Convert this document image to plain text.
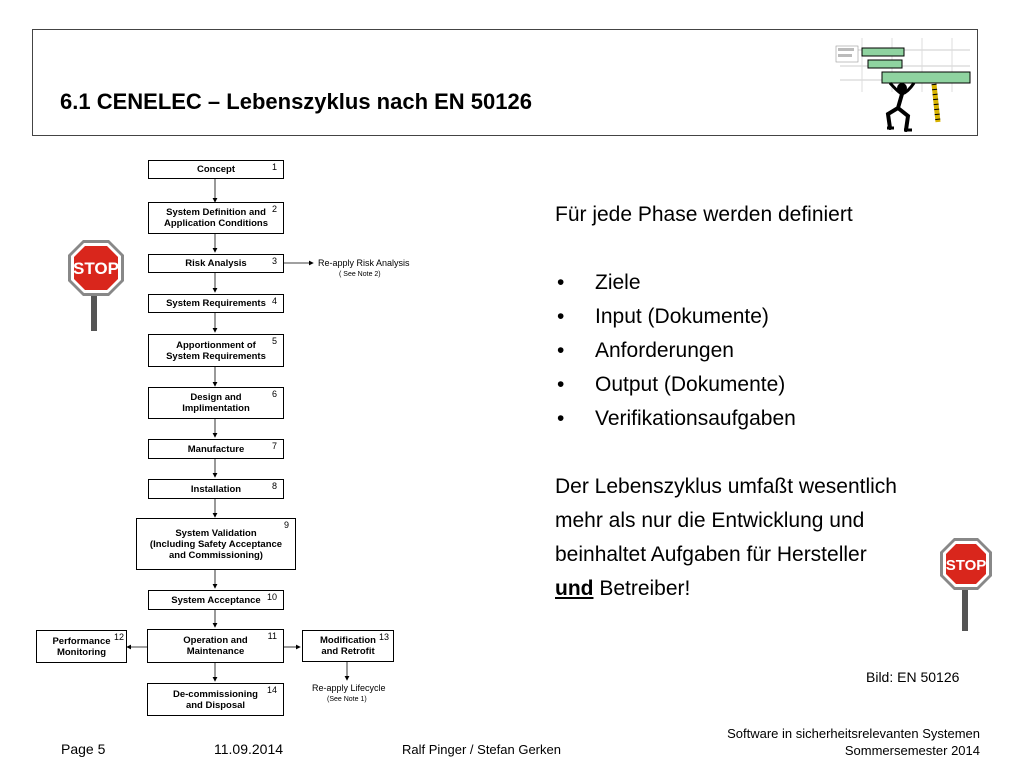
6.1 CENELEC – Lebenszyklus nach EN 50126
Concept	1
System Definition and
Application Conditions
2
Risk Analysis	3
System Requirements 4
Apportionment of
System Requirements
5
Design and
Implimentation
6
Manufacture	7
Installation	8
System Validation
(Including Safety Acceptance
and Commissioning)
9
System Acceptance 10
Operation and
Maintenance
11
Performance
Monitoring
12	Modification
and Retrofit
13
De-commissioning
and Disposal
14
Re-apply Risk Analysis
( See Note 2)
Re-apply Lifecycle
(See Note 1)
STOP

Für jede Phase werden definiert

• Ziele
• Input (Dokumente)
• Anforderungen
• Output (Dokumente)
• Verifikationsaufgaben
Der Lebenszyklus umfaßt wesentlich
mehr als nur die Entwicklung und
beinhaltet Aufgaben für Hersteller
und Betreiber!
STOP
Bild: EN 50126
Page 5	11.09.2014	Ralf Pinger / Stefan Gerken
Software in sicherheitsrelevanten Systemen
Sommersemester 2014
